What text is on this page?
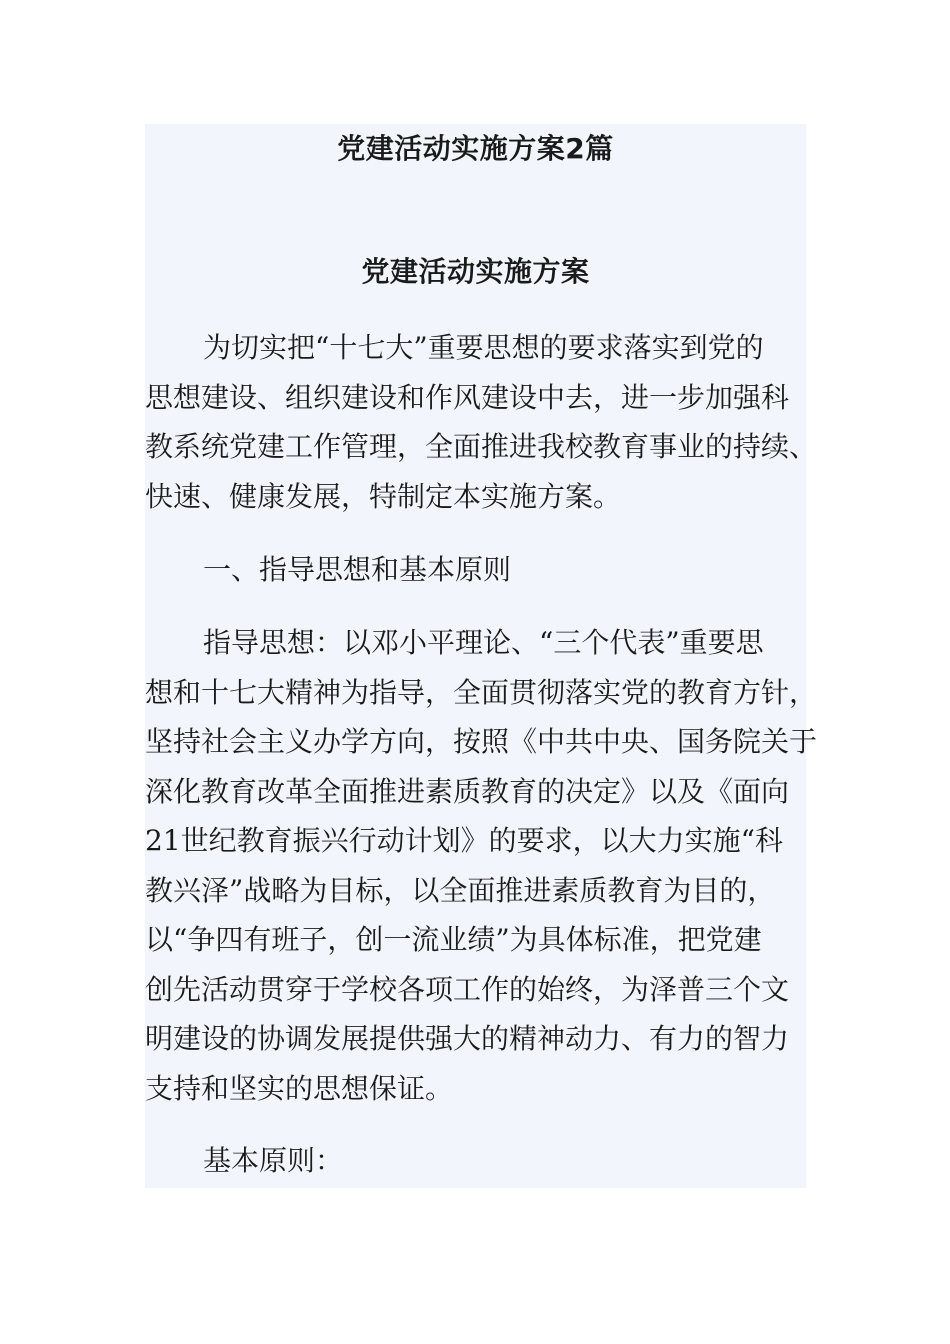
党建活动实施方案2篇
党建活动实施方案

为切实把“十七大”重要思想的要求落实到党的
思想建设、组织建设和作风建设中去，进一步加强科
教系统党建工作管理，全面推进我校教育事业的持续、
快速、健康发展，特制定本实施方案。

一、指导思想和基本原则

指导思想：以邓小平理论、“三个代表”重要思
想和十七大精神为指导，全面贯彻落实党的教育方针，
坚持社会主义办学方向，按照《中共中央、国务院关于
深化教育改革全面推进素质教育的决定》以及《面向
21世纪教育振兴行动计划》的要求，以大力实施“科
教兴泽”战略为目标，以全面推进素质教育为目的，
以“争四有班子，创一流业绩”为具体标准，把党建
创先活动贯穿于学校各项工作的始终，为泽普三个文
明建设的协调发展提供强大的精神动力、有力的智力
支持和坚实的思想保证。

基本原则：
